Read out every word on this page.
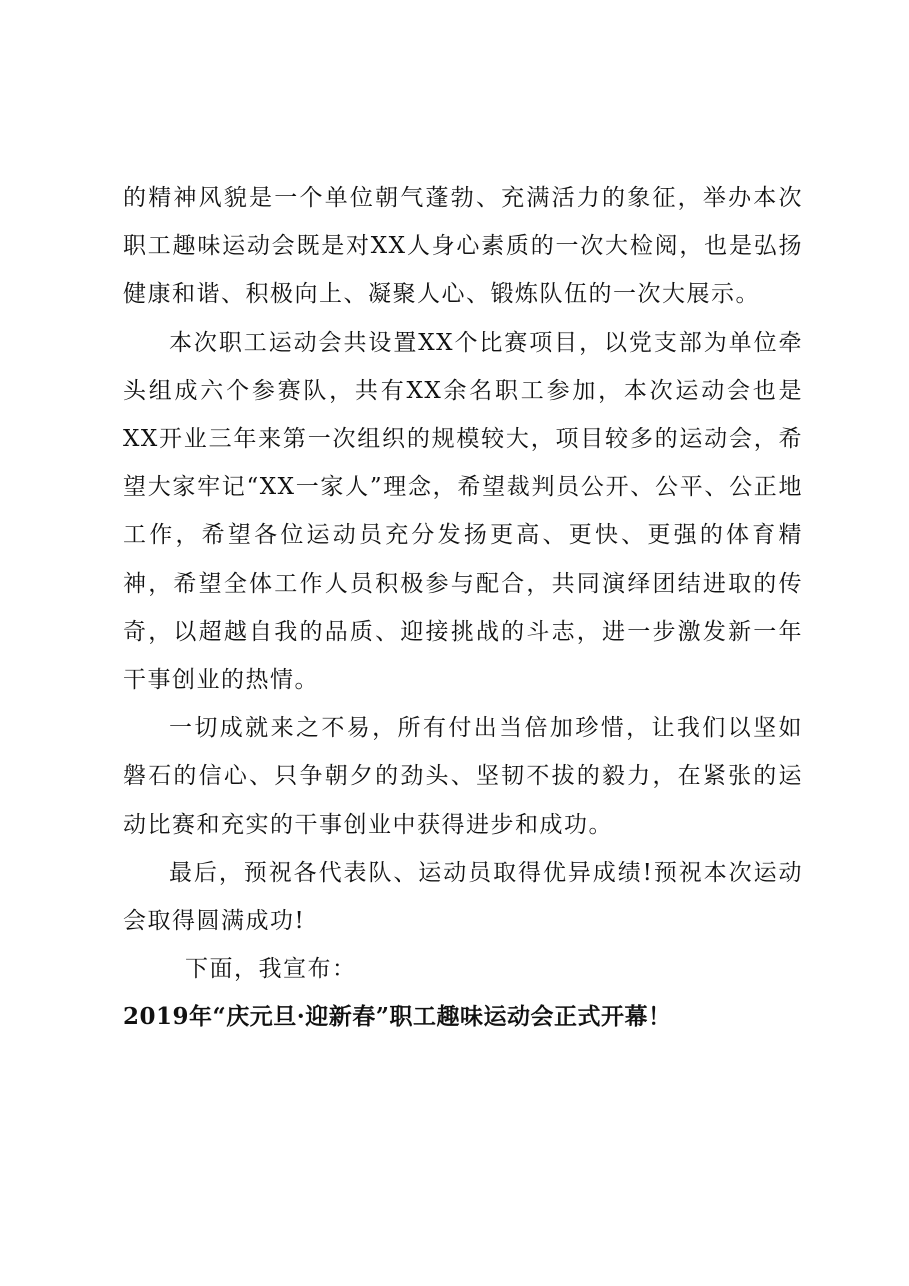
的精神风貌是一个单位朝气蓬勃、充满活力的象征，举办本次职工趣味运动会既是对XX人身心素质的一次大检阅，也是弘扬健康和谐、积极向上、凝聚人心、锻炼队伍的一次大展示。

本次职工运动会共设置XX个比赛项目，以党支部为单位牵头组成六个参赛队，共有XX余名职工参加，本次运动会也是XX开业三年来第一次组织的规模较大，项目较多的运动会，希望大家牢记“XX一家人”理念，希望裁判员公开、公平、公正地工作，希望各位运动员充分发扬更高、更快、更强的体育精神，希望全体工作人员积极参与配合，共同演绎团结进取的传奇，以超越自我的品质、迎接挑战的斗志，进一步激发新一年干事创业的热情。

一切成就来之不易，所有付出当倍加珍惜，让我们以坚如磐石的信心、只争朝夕的劲头、坚韧不拔的毅力，在紧张的运动比赛和充实的干事创业中获得进步和成功。

最后，预祝各代表队、运动员取得优异成绩!预祝本次运动会取得圆满成功!

下面，我宣布：

2019年“庆元旦·迎新春”职工趣味运动会正式开幕！
